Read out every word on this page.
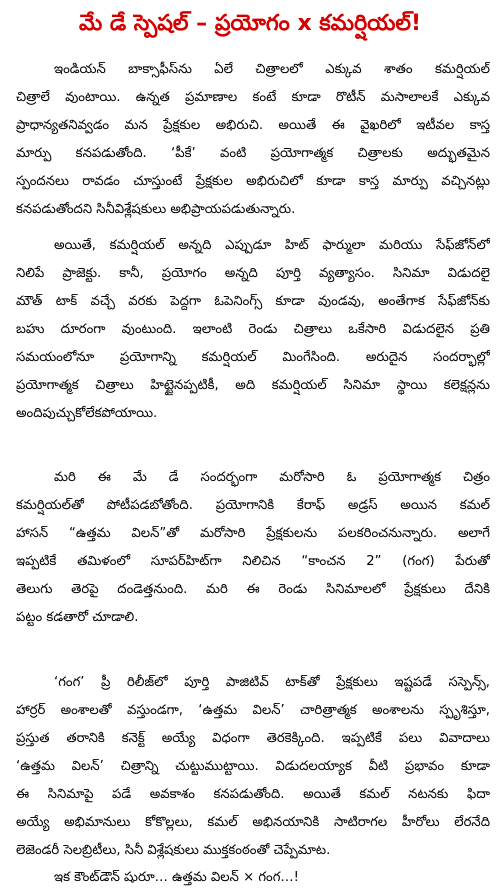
మే డే స్పెషల్ – ప్రయోగం x కమర్షియల్!
ఇండియన్ బాక్సాఫీస్‌ను ఏలే చిత్రాలలో ఎక్కువ శాతం కమర్షియల్
చిత్రాలే వుంటాయి. ఉన్నత ప్రమాణాల కంటే కూడా రొటీన్ మసాలాలకే ఎక్కువ
ప్రాధాన్యతనివ్వడం మన ప్రేక్షకుల అభిరుచి. అయితే ఈ వైఖరిలో ఇటీవల కాస్త
మార్పు కనపడుతోంది. ‘పీకే’ వంటి ప్రయోగాత్మక చిత్రాలకు అద్భుతమైన
స్పందనలు రావడం చూస్తుంటే ప్రేక్షకుల అభిరుచిలో కూడా కాస్త మార్పు వచ్చినట్లు
కనపడుతోందని సినీవిశ్లేషకులు అభిప్రాయపడుతున్నారు.
అయితే, కమర్షియల్ అన్నది ఎప్పుడూ హిట్ ఫార్ములా మరియు సేఫ్‌జోన్‌లో
నిలిపే ప్రాజెక్టు. కానీ, ప్రయోగం అన్నది పూర్తి వ్యత్యాసం. సినిమా విడుదలై
మౌత్ టాక్ వచ్చే వరకు పెద్దగా ఓపెనింగ్స్ కూడా వుండవు, అంతేగాక సేఫ్‌జోన్‌కు
బహు దూరంగా వుంటుంది. ఇలాంటి రెండు చిత్రాలు ఒకేసారి విడుదలైన ప్రతి
సమయంలోనూ ప్రయోగాన్ని కమర్షియల్ మింగేసింది. అరుదైన సందర్భాల్లో
ప్రయోగాత్మక చిత్రాలు హిట్టైనప్పటికీ, అది కమర్షియల్ సినిమా స్థాయి కలెక్షన్లను
అందిపుచ్చుకోలేకపోయాయి.
మరి ఈ మే డే సందర్భంగా మరోసారి ఓ ప్రయోగాత్మక చిత్రం
కమర్షియల్‌తో పోటీపడబోతోంది. ప్రయోగానికి కేరాఫ్ అడ్రస్ అయిన కమల్
హాసన్ “ఉత్తమ విలన్”తో మరోసారి ప్రేక్షకులను పలకరించనున్నారు. అలాగే
ఇప్పటికే తమిళంలో సూపర్‌హిట్‌గా నిలిచిన “కాంచన 2” (గంగ) పేరుతో
తెలుగు తెరపై దండెత్తనుంది. మరి ఈ రెండు సినిమాలలో ప్రేక్షకులు దేనికి
పట్టం కడతారో చూడాలి.
‘గంగ’ ప్రీ రిలీజ్‌లో పూర్తి పాజిటివ్ టాక్‌తో ప్రేక్షకులు ఇష్టపడే సస్పెన్స్,
హార్రర్ అంశాలతో వస్తుండగా, ‘ఉత్తమ విలన్’ చారిత్రాత్మక అంశాలను స్పృశిస్తూ,
ప్రస్తుత తరానికి కనెక్ట్ అయ్యే విధంగా తెరకెక్కింది. ఇప్పటికే పలు వివాదాలు
‘ఉత్తమ విలన్’ చిత్రాన్ని చుట్టుముట్టాయి. విడుదలయ్యాక వీటి ప్రభావం కూడా
ఈ సినిమాపై పడే అవకాశం కనపడుతోంది. అయితే కమల్ నటనకు ఫిదా
అయ్యే అభిమానులు కోకొల్లలు, కమల్ అభినయానికి సాటిరాగల హీరోలు లేరనేది
లెజెండరీ సెలబ్రిటీలు, సినీ విశ్లేషకులు ముక్తకంఠంతో చెప్పేమాట.
ఇక కౌంట్‌డౌన్ షురూ… ఉత్తమ విలన్ × గంగ…!
